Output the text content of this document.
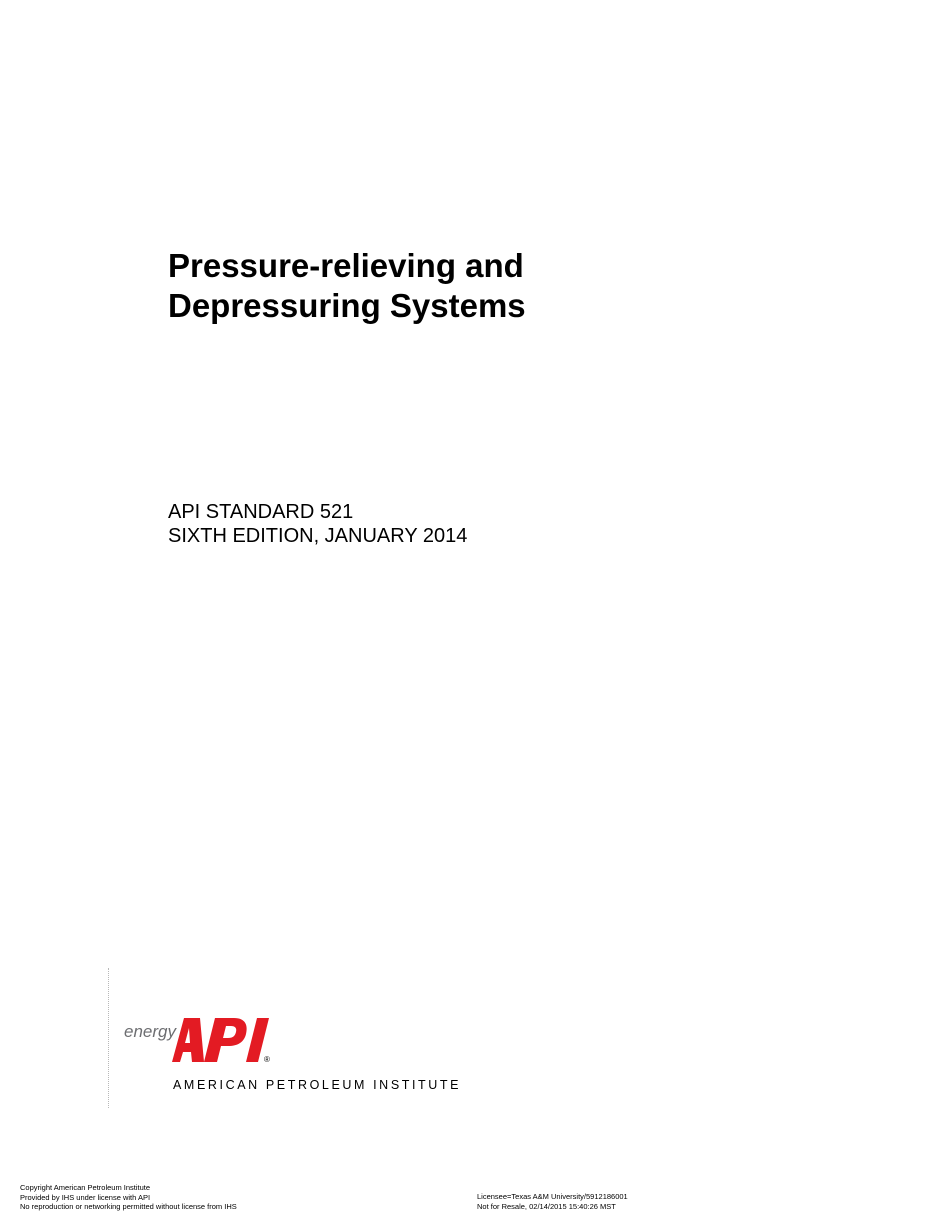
Pressure-relieving and
Depressuring Systems
API STANDARD 521
SIXTH EDITION, JANUARY 2014
energy
®
AMERICAN PETROLEUM INSTITUTE
Copyright American Petroleum Institute
Provided by IHS under license with API
No reproduction or networking permitted without license from IHS
Licensee=Texas A&M University/5912186001
Not for Resale, 02/14/2015 15:40:26 MST
